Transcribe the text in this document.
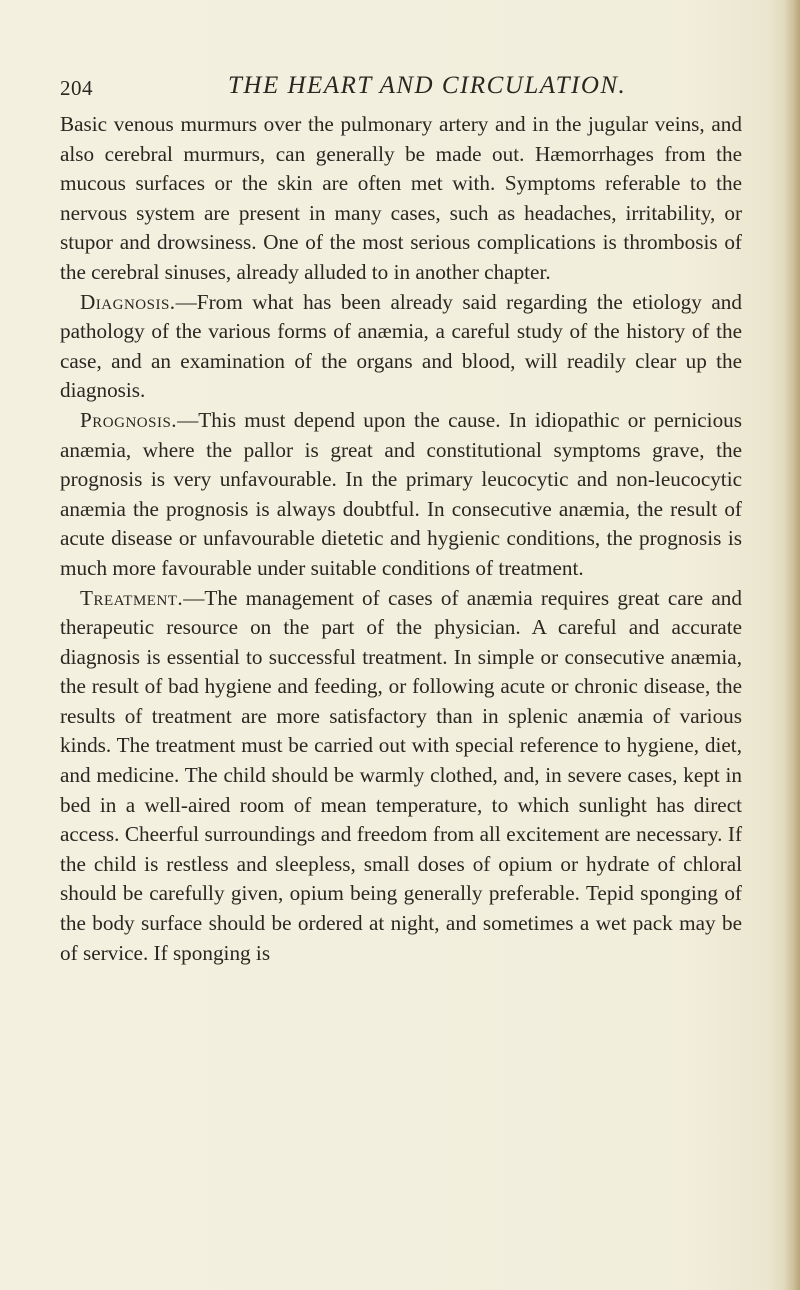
204	THE HEART AND CIRCULATION.

Basic venous murmurs over the pulmonary artery and in the jugular veins, and also cerebral murmurs, can generally be made out. Hæmorrhages from the mucous surfaces or the skin are often met with. Symptoms referable to the nervous system are present in many cases, such as headaches, irritability, or stupor and drowsiness. One of the most serious complications is thrombosis of the cerebral sinuses, already alluded to in another chapter.

Diagnosis.—From what has been already said regarding the etiology and pathology of the various forms of anæmia, a careful study of the history of the case, and an examination of the organs and blood, will readily clear up the diagnosis.

Prognosis.—This must depend upon the cause. In idiopathic or pernicious anæmia, where the pallor is great and constitutional symptoms grave, the prognosis is very unfavourable. In the primary leucocytic and non-leucocytic anæmia the prognosis is always doubtful. In consecutive anæmia, the result of acute disease or unfavourable dietetic and hygienic conditions, the prognosis is much more favourable under suitable conditions of treatment.

Treatment.—The management of cases of anæmia requires great care and therapeutic resource on the part of the physician. A careful and accurate diagnosis is essential to successful treatment. In simple or consecutive anæmia, the result of bad hygiene and feeding, or following acute or chronic disease, the results of treatment are more satisfactory than in splenic anæmia of various kinds. The treatment must be carried out with special reference to hygiene, diet, and medicine. The child should be warmly clothed, and, in severe cases, kept in bed in a well-aired room of mean temperature, to which sunlight has direct access. Cheerful surroundings and freedom from all excitement are necessary. If the child is restless and sleepless, small doses of opium or hydrate of chloral should be carefully given, opium being generally preferable. Tepid sponging of the body surface should be ordered at night, and sometimes a wet pack may be of service. If sponging is
